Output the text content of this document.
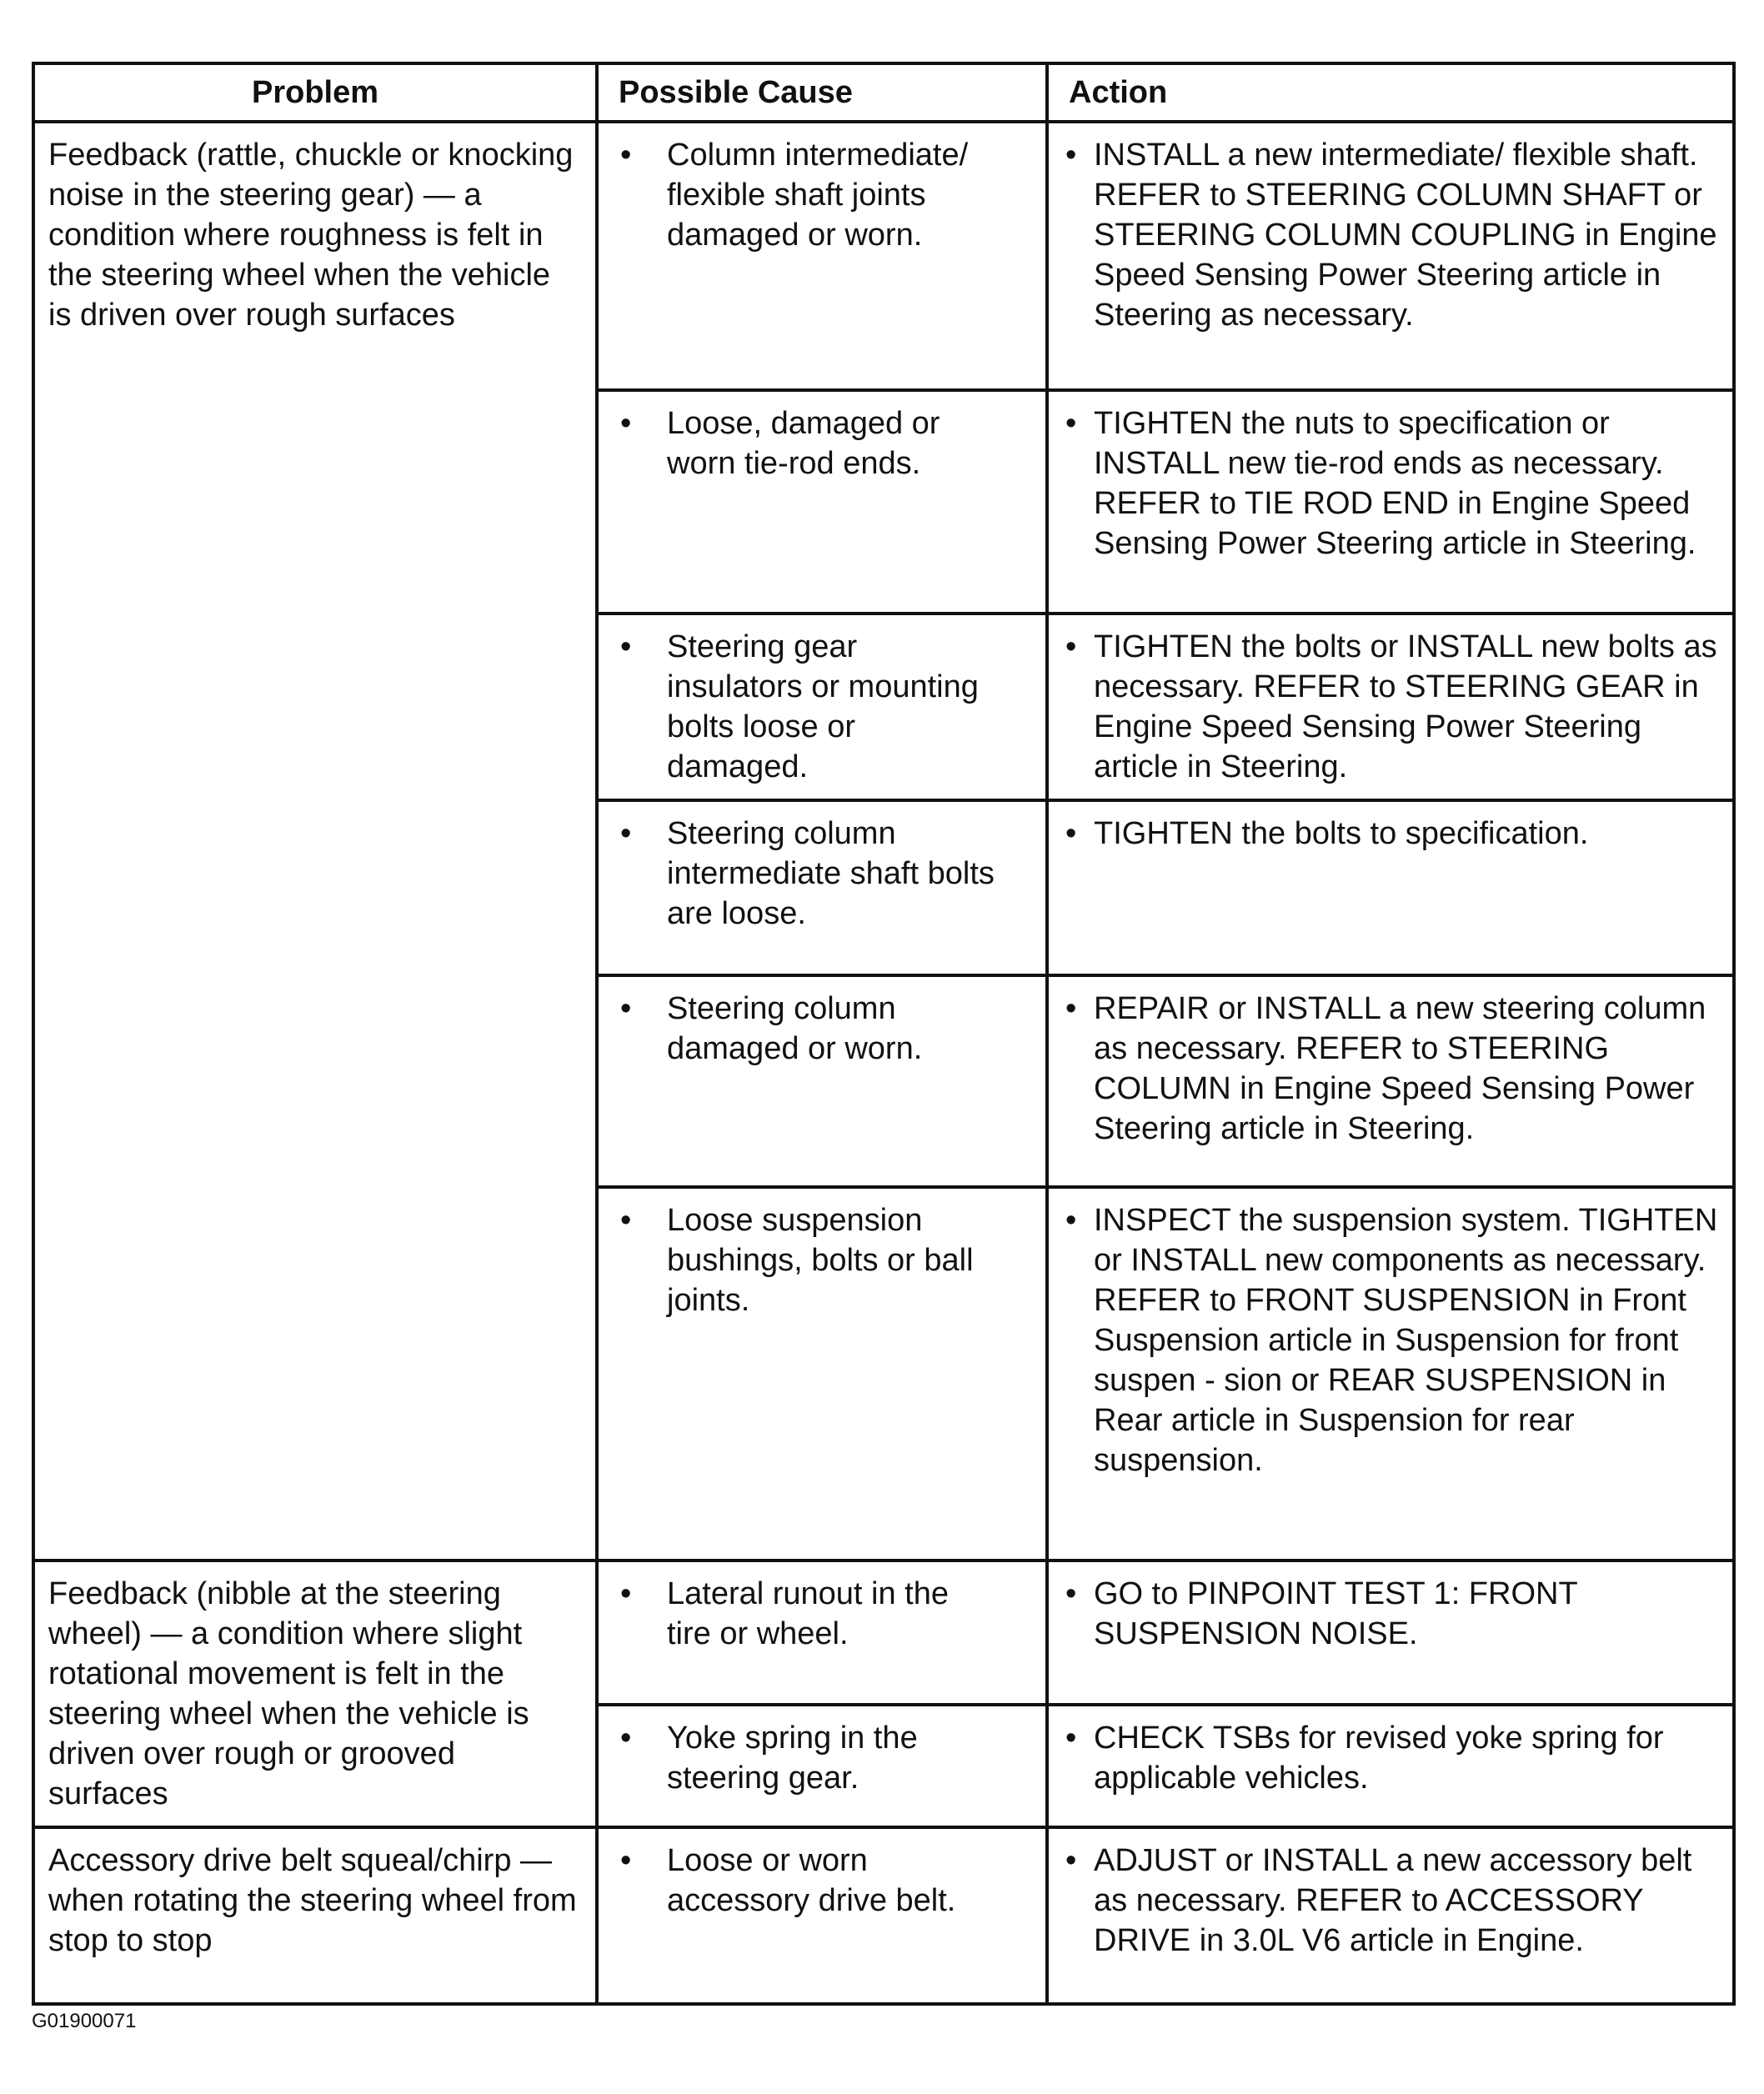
Problem	Possible Cause	Action
Feedback (rattle, chuckle or knocking noise in the steering gear) — a condition where roughness is felt in the steering wheel when the vehicle is driven over rough surfaces	• Column intermediate/ flexible shaft joints damaged or worn.	• INSTALL a new intermediate/ flexible shaft. REFER to STEERING COLUMN SHAFT or STEERING COLUMN COUPLING in Engine Speed Sensing Power Steering article in Steering as necessary.

	• Loose, damaged or worn tie-rod ends.	• TIGHTEN the nuts to specification or INSTALL new tie-rod ends as necessary. REFER to TIE ROD END in Engine Speed Sensing Power Steering article in Steering.

	• Steering gear insulators or mounting bolts loose or damaged.	• TIGHTEN the bolts or INSTALL new bolts as necessary. REFER to STEERING GEAR in Engine Speed Sensing Power Steering article in Steering.

	• Steering column intermediate shaft bolts are loose.	• TIGHTEN the bolts to specification.

	• Steering column damaged or worn.	• REPAIR or INSTALL a new steering column as necessary. REFER to STEERING COLUMN in Engine Speed Sensing Power Steering article in Steering.

	• Loose suspension bushings, bolts or ball joints.	• INSPECT the suspension system. TIGHTEN or INSTALL new components as necessary. REFER to FRONT SUSPENSION in Front Suspension article in Suspension for front suspen - sion or REAR SUSPENSION in Rear article in Suspension for rear suspension.

Feedback (nibble at the steering wheel) — a condition where slight rotational movement is felt in the steering wheel when the vehicle is driven over rough or grooved surfaces	• Lateral runout in the tire or wheel.	• GO to PINPOINT TEST 1: FRONT SUSPENSION NOISE.

	• Yoke spring in the steering gear.	• CHECK TSBs for revised yoke spring for applicable vehicles.

Accessory drive belt squeal/chirp — when rotating the steering wheel from stop to stop	• Loose or worn accessory drive belt.	• ADJUST or INSTALL a new accessory belt as necessary. REFER to ACCESSORY DRIVE in 3.0L V6 article in Engine.
G01900071
